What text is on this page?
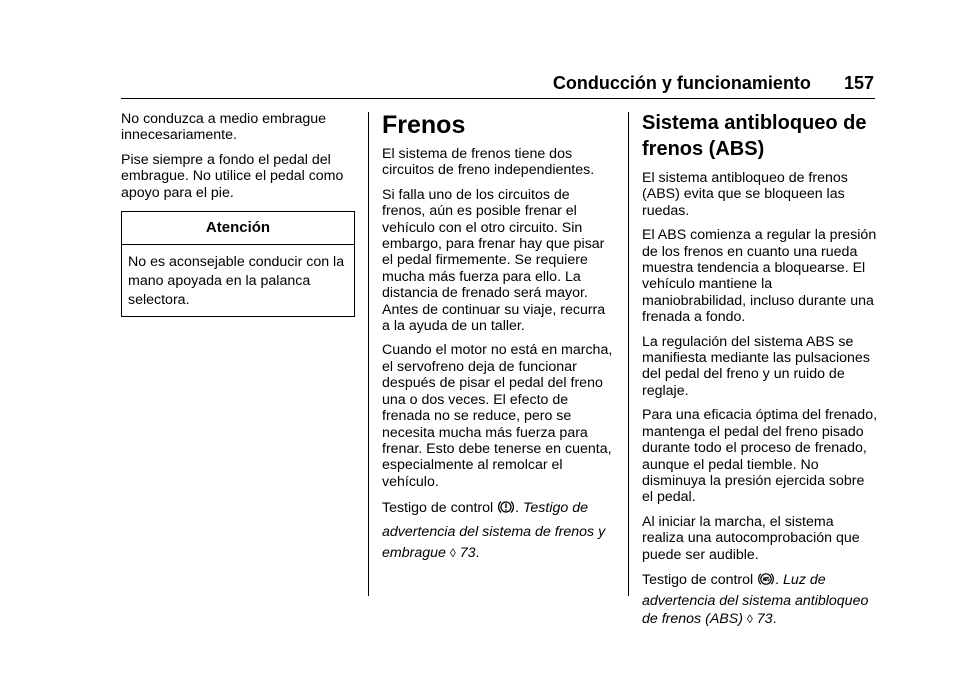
Conducción y funcionamiento 157

No conduzca a medio embrague innecesariamente.

Pise siempre a fondo el pedal del embrague. No utilice el pedal como apoyo para el pie.

Atención
No es aconsejable conducir con la mano apoyada en la palanca selectora.
Frenos

El sistema de frenos tiene dos circuitos de freno independientes.

Si falla uno de los circuitos de frenos, aún es posible frenar el vehículo con el otro circuito. Sin embargo, para frenar hay que pisar el pedal firmemente. Se requiere mucha más fuerza para ello. La distancia de frenado será mayor. Antes de continuar su viaje, recurra a la ayuda de un taller.

Cuando el motor no está en marcha, el servofreno deja de funcionar después de pisar el pedal del freno una o dos veces. El efecto de frenada no se reduce, pero se necesita mucha más fuerza para frenar. Esto debe tenerse en cuenta, especialmente al remolcar el vehículo.

Testigo de control . Testigo de advertencia del sistema de frenos y embrague ◊ 73.

Sistema antibloqueo de frenos (ABS)

El sistema antibloqueo de frenos (ABS) evita que se bloqueen las ruedas.

El ABS comienza a regular la presión de los frenos en cuanto una rueda muestra tendencia a bloquearse. El vehículo mantiene la maniobrabilidad, incluso durante una frenada a fondo.

La regulación del sistema ABS se manifiesta mediante las pulsaciones del pedal del freno y un ruido de reglaje.

Para una eficacia óptima del frenado, mantenga el pedal del freno pisado durante todo el proceso de frenado, aunque el pedal tiemble. No disminuya la presión ejercida sobre el pedal.

Al iniciar la marcha, el sistema realiza una autocomprobación que puede ser audible.

Testigo de control . Luz de advertencia del sistema antibloqueo de frenos (ABS) ◊ 73.
